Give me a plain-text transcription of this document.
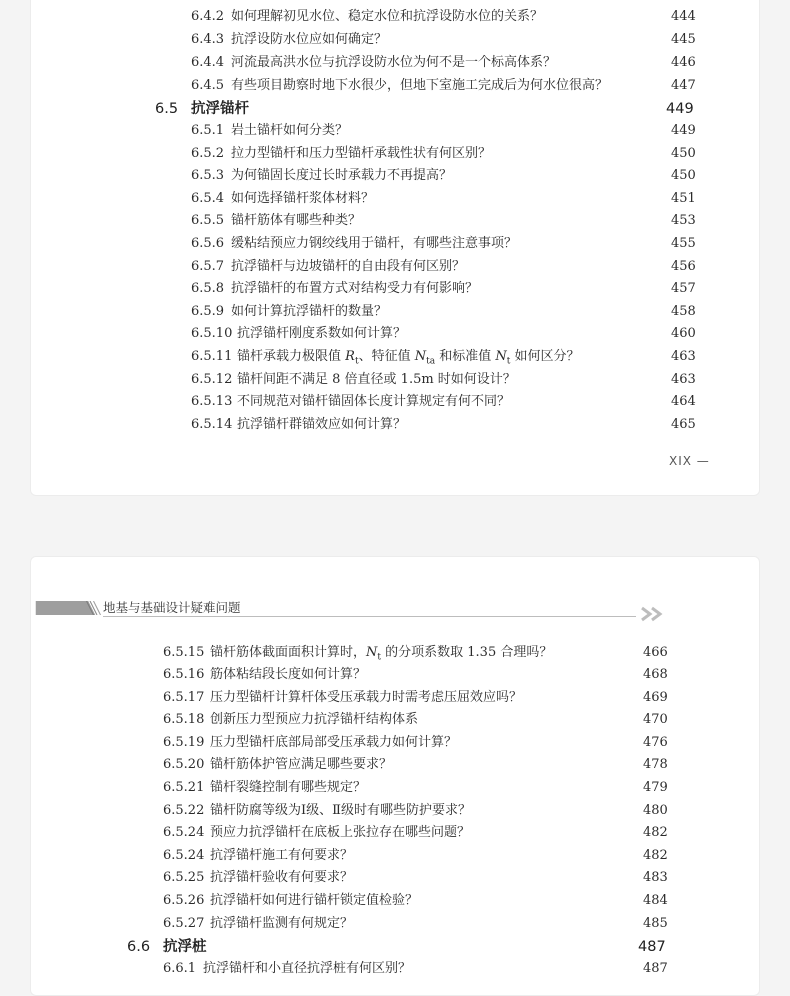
6.4.2 如何理解初见水位、稳定水位和抗浮设防水位的关系？	444
6.4.3 抗浮设防水位应如何确定？	445
6.4.4 河流最高洪水位与抗浮设防水位为何不是一个标高体系？	446
6.4.5 有些项目勘察时地下水很少，但地下室施工完成后为何水位很高？	447
6.5 抗浮锚杆	449
6.5.1 岩土锚杆如何分类？	449
6.5.2 拉力型锚杆和压力型锚杆承载性状有何区别？	450
6.5.3 为何锚固长度过长时承载力不再提高？	450
6.5.4 如何选择锚杆浆体材料？	451
6.5.5 锚杆筋体有哪些种类？	453
6.5.6 缓粘结预应力钢绞线用于锚杆，有哪些注意事项？	455
6.5.7 抗浮锚杆与边坡锚杆的自由段有何区别？	456
6.5.8 抗浮锚杆的布置方式对结构受力有何影响？	457
6.5.9 如何计算抗浮锚杆的数量？	458
6.5.10 抗浮锚杆刚度系数如何计算？	460
6.5.11 锚杆承载力极限值 $R_t$、特征值 $N_{ta}$ 和标准值 $N_t$ 如何区分？	463
6.5.12 锚杆间距不满足 8 倍直径或 1.5m 时如何设计？	463
6.5.13 不同规范对锚杆锚固体长度计算规定有何不同？	464
6.5.14 抗浮锚杆群锚效应如何计算？	465
XIX —
地基与基础设计疑难问题
6.5.15 锚杆筋体截面面积计算时，$N_t$ 的分项系数取 1.35 合理吗？	466
6.5.16 筋体粘结段长度如何计算？	468
6.5.17 压力型锚杆计算杆体受压承载力时需考虑压屈效应吗？	469
6.5.18 创新压力型预应力抗浮锚杆结构体系	470
6.5.19 压力型锚杆底部局部受压承载力如何计算？	476
6.5.20 锚杆筋体护管应满足哪些要求？	478
6.5.21 锚杆裂缝控制有哪些规定？	479
6.5.22 锚杆防腐等级为Ⅰ级、Ⅱ级时有哪些防护要求？	480
6.5.24 预应力抗浮锚杆在底板上张拉存在哪些问题？	482
6.5.24 抗浮锚杆施工有何要求？	482
6.5.25 抗浮锚杆验收有何要求？	483
6.5.26 抗浮锚杆如何进行锚杆锁定值检验？	484
6.5.27 抗浮锚杆监测有何规定？	485
6.6 抗浮桩	487
6.6.1 抗浮锚杆和小直径抗浮桩有何区别？	487
